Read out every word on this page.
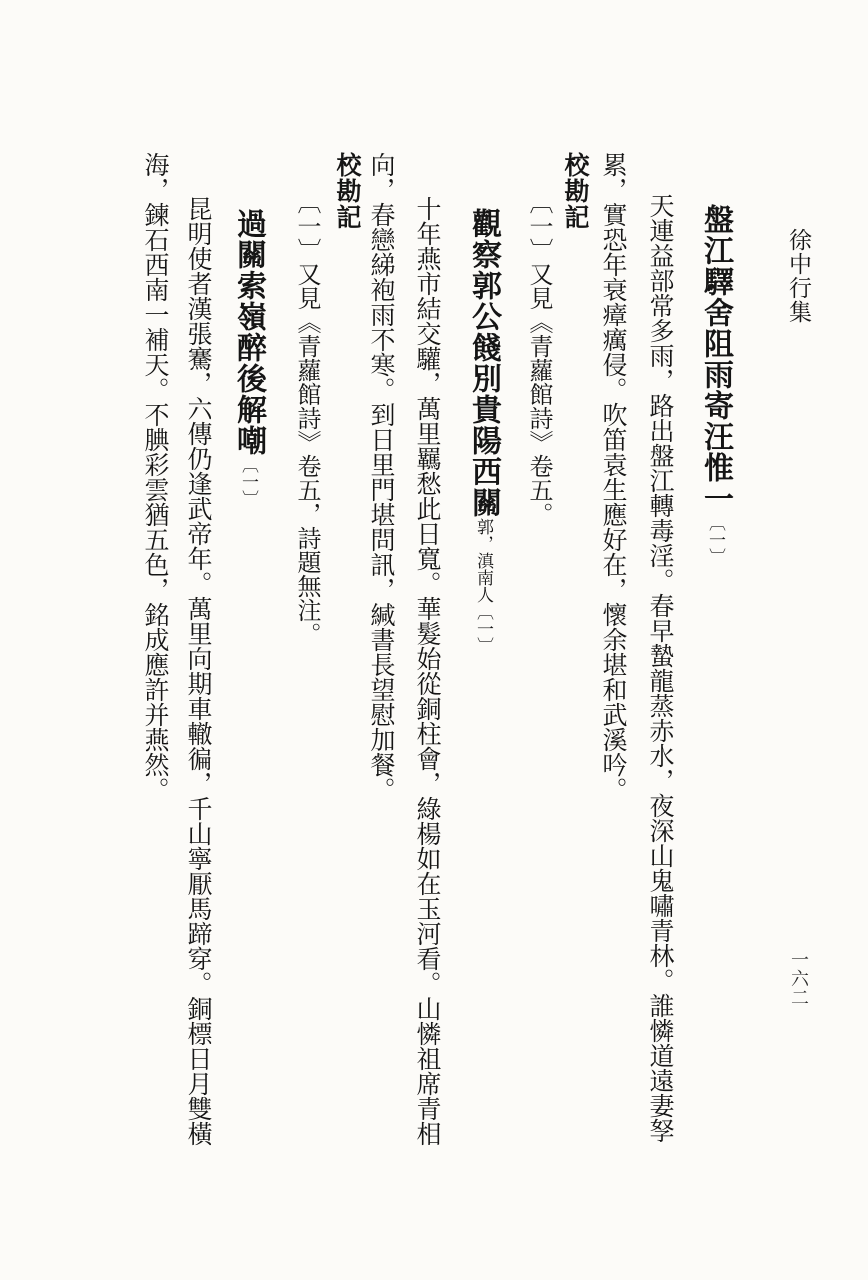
徐中行集
一六二
盤江驛舍阻雨寄汪惟一〔一〕
天連益部常多雨，路出盤江轉毒淫。春早蟄龍蒸赤水，夜深山鬼嘯青林。誰憐道遠妻孥
累，實恐年衰瘴癘侵。吹笛袁生應好在，懷余堪和武溪吟。
校勘記
〔一〕又見《青蘿館詩》卷五。
觀察郭公餞別貴陽西關郭，滇南人〔一〕
十年燕市結交驩，萬里羈愁此日寬。華髮始從銅柱會，綠楊如在玉河看。山憐祖席青相
向，春戀綈袍雨不寒。到日里門堪問訊，緘書長望慰加餐。
校勘記
〔一〕又見《青蘿館詩》卷五，詩題無注。
過關索嶺醉後解嘲〔一〕
昆明使者漢張騫，六傳仍逢武帝年。萬里向期車轍徧，千山寧厭馬蹄穿。銅標日月雙橫
海，鍊石西南一補天。不腆彩雲猶五色，銘成應許并燕然。
